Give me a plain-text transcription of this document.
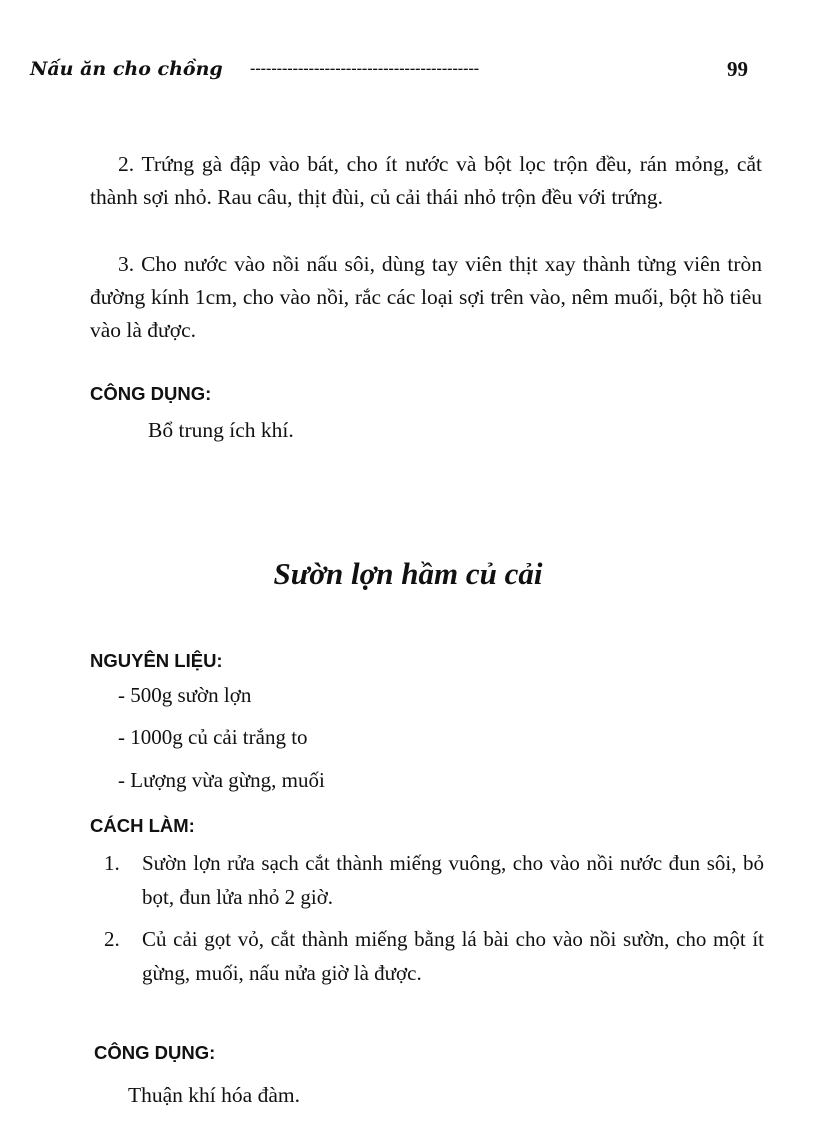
Nấu ăn cho chồng -------------------------------------------	99
2. Trứng gà đập vào bát, cho ít nước và bột lọc trộn đều, rán mỏng, cắt thành sợi nhỏ. Rau câu, thịt đùi, củ cải thái nhỏ trộn đều với trứng.
3. Cho nước vào nồi nấu sôi, dùng tay viên thịt xay thành từng viên tròn đường kính 1cm, cho vào nồi, rắc các loại sợi trên vào, nêm muối, bột hồ tiêu vào là được.
CÔNG DỤNG:
Bổ trung ích khí.
Sườn lợn hầm củ cải
NGUYÊN LIỆU:
- 500g sườn lợn
- 1000g củ cải trắng to
- Lượng vừa gừng, muối
CÁCH LÀM:
1.	Sườn lợn rửa sạch cắt thành miếng vuông, cho vào nồi nước đun sôi, bỏ bọt, đun lửa nhỏ 2 giờ.
2.	Củ cải gọt vỏ, cắt thành miếng bằng lá bài cho vào nồi sườn, cho một ít gừng, muối, nấu nửa giờ là được.
CÔNG DỤNG:
Thuận khí hóa đàm.
